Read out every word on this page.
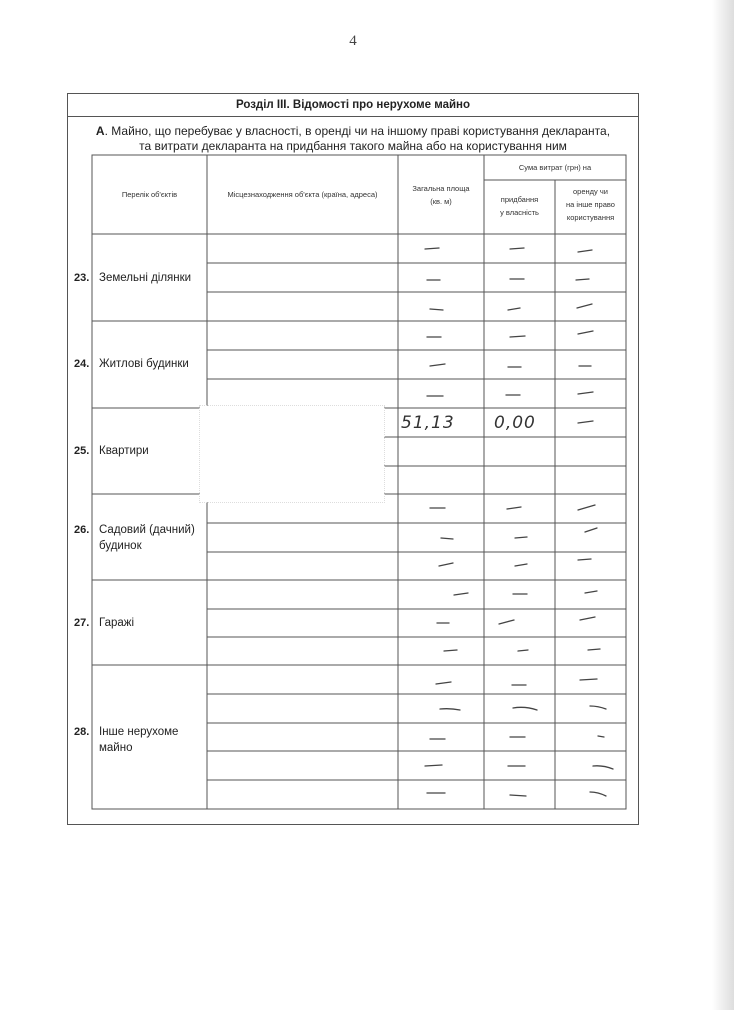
4
Розділ ІІІ. Відомості про нерухоме майно
А. Майно, що перебуває у власності, в оренді чи на іншому праві користування декларанта,
та витрати декларанта на придбання такого майна або на користування ним
Перелік об'єктів	Місцезнаходження об'єкта (країна, адреса)
Загальна площа
(кв. м)
Сума витрат (грн) на
придбання
у власність
оренду чи
на інше право
користування
23. Земельні ділянки
24. Житлові будинки
25. Квартири
26. Садовий (дачний)
будинок
27. Гаражі
28. Інше нерухоме
майно
51,13 0,00
